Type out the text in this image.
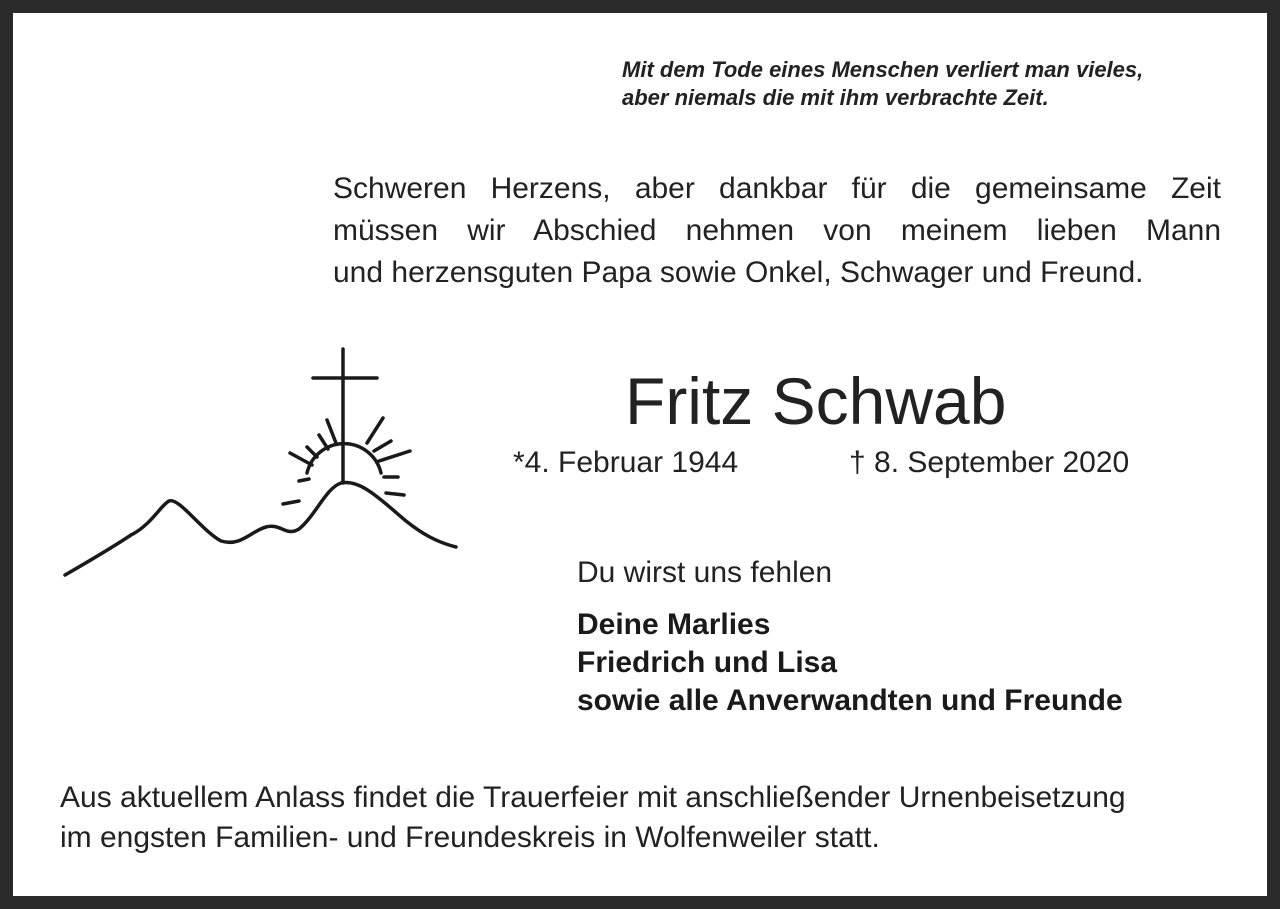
Mit dem Tode eines Menschen verliert man vieles,
aber niemals die mit ihm verbrachte Zeit.
Schweren Herzens, aber dankbar für die gemeinsame Zeit
müssen wir Abschied nehmen von meinem lieben Mann
und herzensguten Papa sowie Onkel, Schwager und Freund.
Fritz Schwab
*4. Februar 1944	† 8. September 2020
Du wirst uns fehlen
Deine Marlies
Friedrich und Lisa
sowie alle Anverwandten und Freunde
Aus aktuellem Anlass findet die Trauerfeier mit anschließender Urnenbeisetzung
im engsten Familien- und Freundeskreis in Wolfenweiler statt.
